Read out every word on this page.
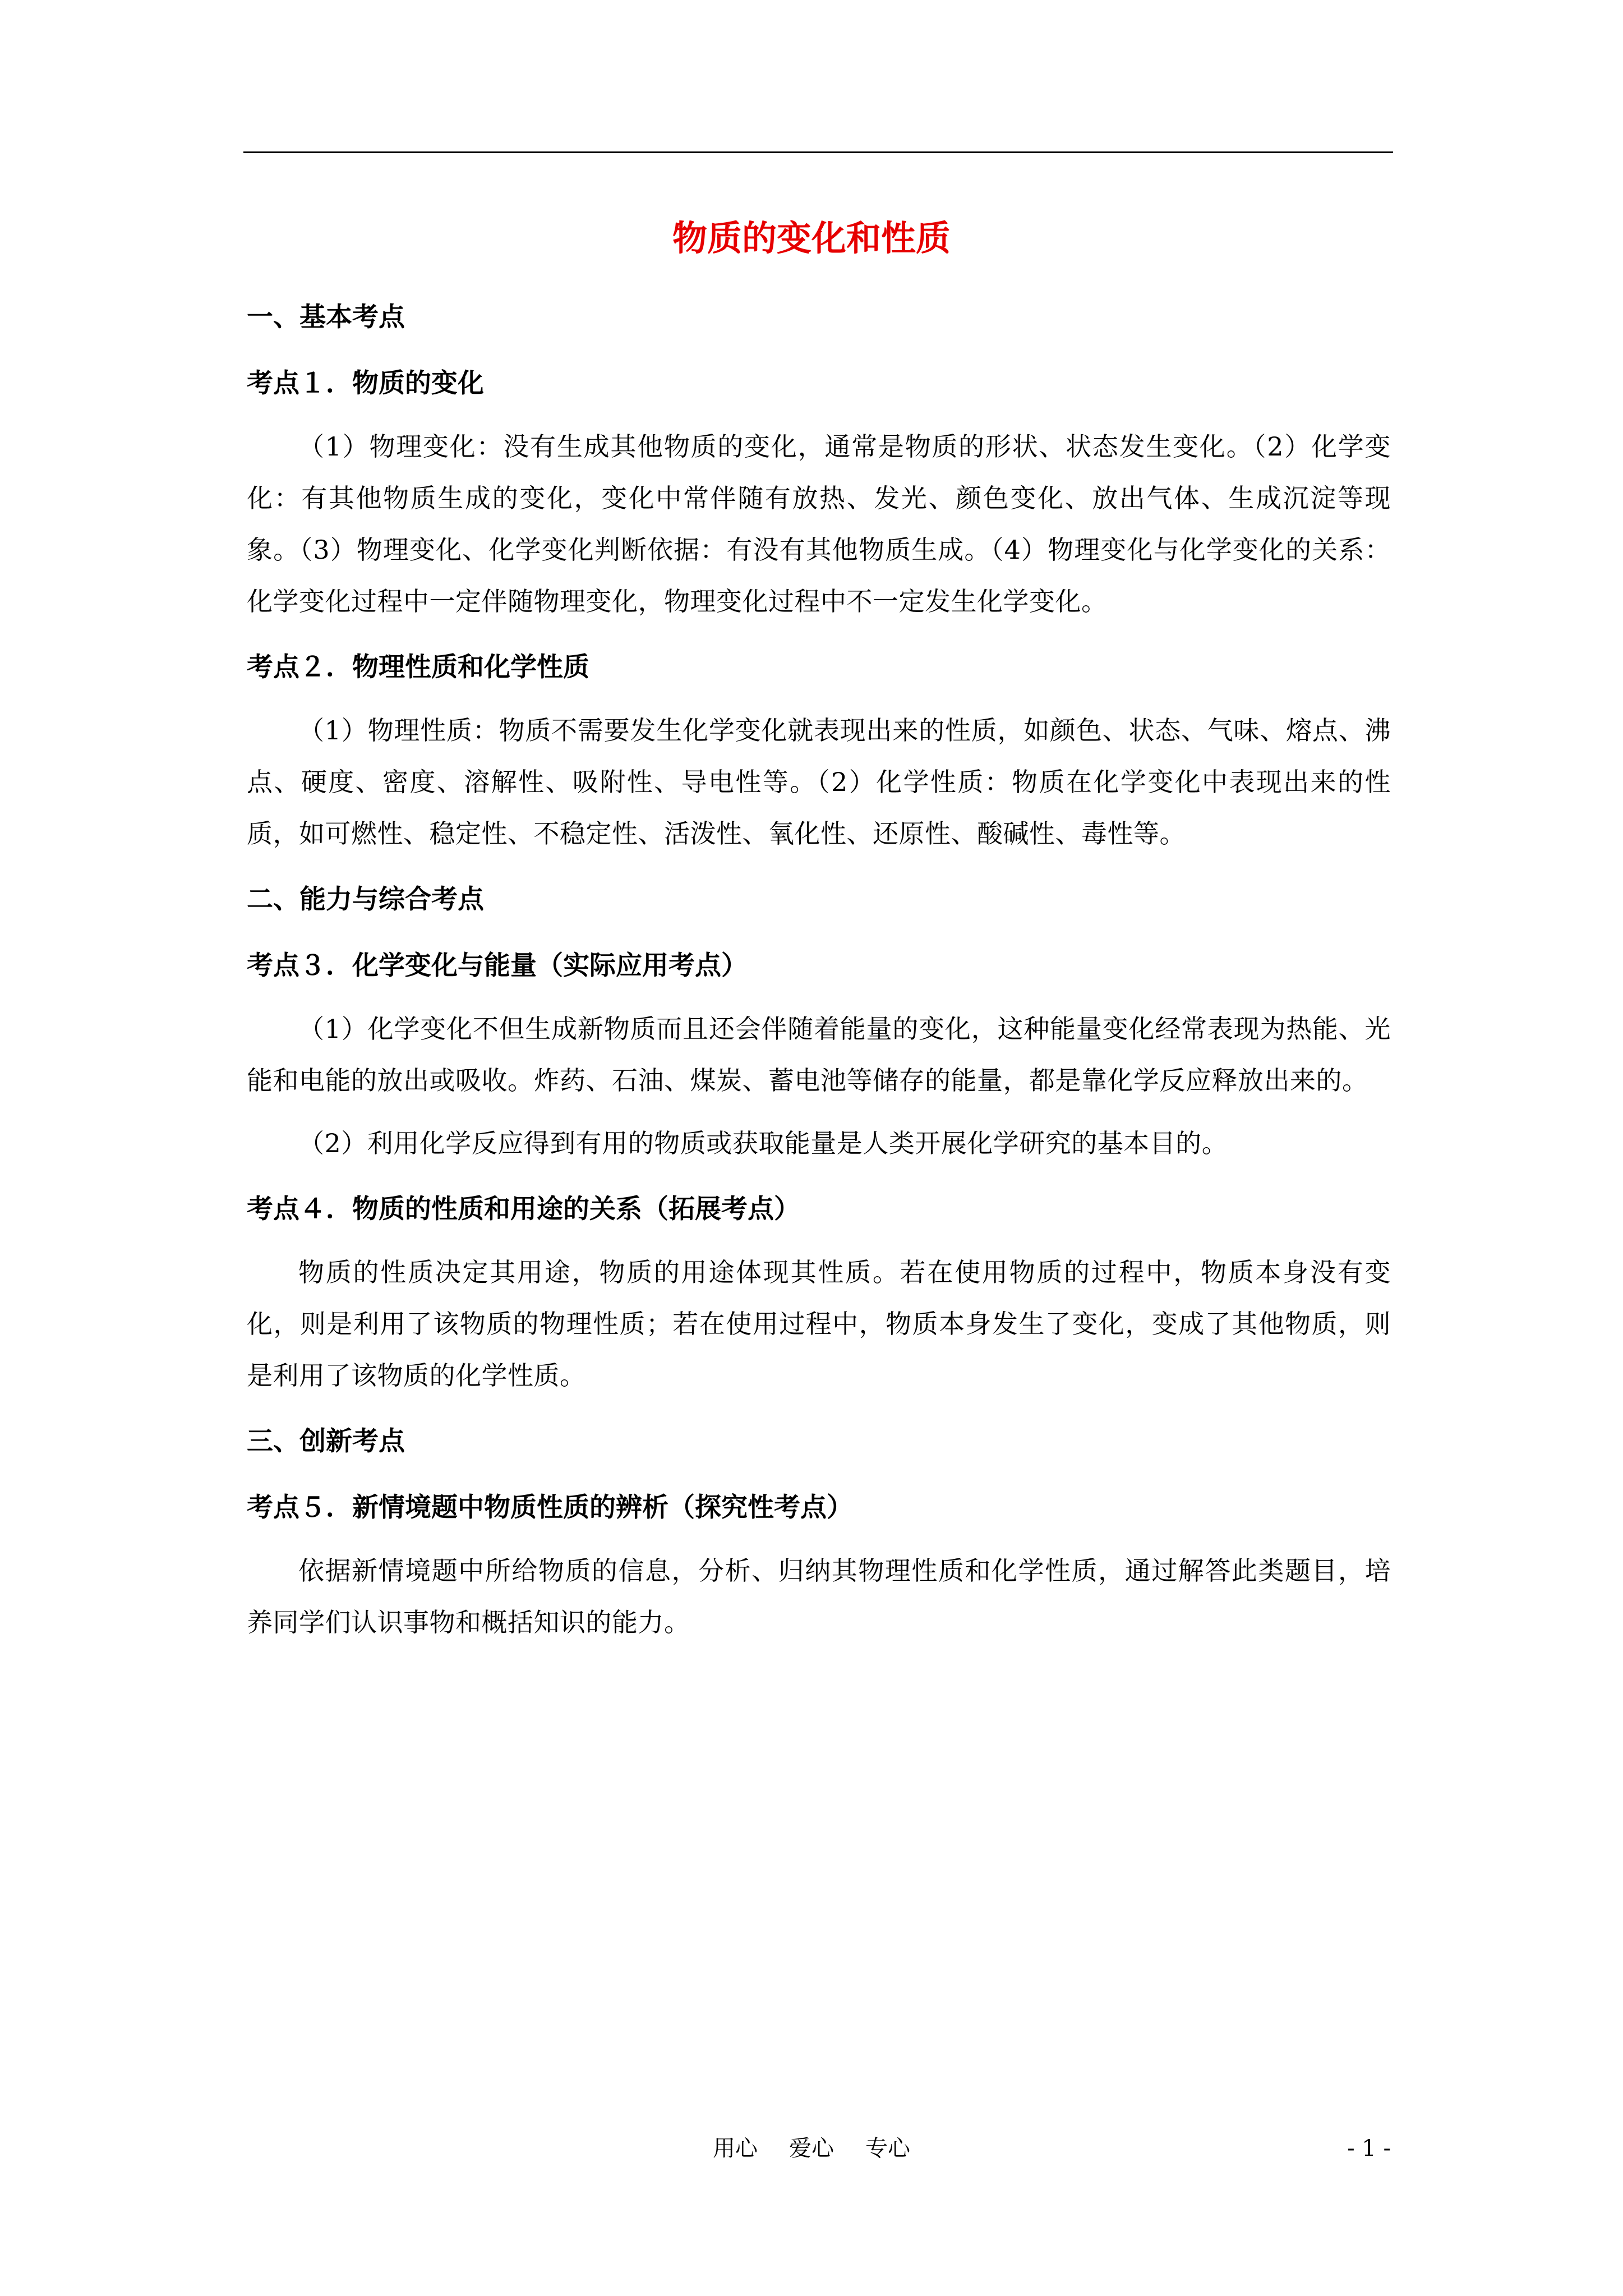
物质的变化和性质
一、基本考点
考点１．物质的变化
（1）物理变化：没有生成其他物质的变化，通常是物质的形状、状态发生变化。（2）化学变化：有其他物质生成的变化，变化中常伴随有放热、发光、颜色变化、放出气体、生成沉淀等现象。（3）物理变化、化学变化判断依据：有没有其他物质生成。（4）物理变化与化学变化的关系：化学变化过程中一定伴随物理变化，物理变化过程中不一定发生化学变化。
考点２．物理性质和化学性质
（1）物理性质：物质不需要发生化学变化就表现出来的性质，如颜色、状态、气味、熔点、沸点、硬度、密度、溶解性、吸附性、导电性等。（2）化学性质：物质在化学变化中表现出来的性质，如可燃性、稳定性、不稳定性、活泼性、氧化性、还原性、酸碱性、毒性等。
二、能力与综合考点
考点３．化学变化与能量（实际应用考点）
（1）化学变化不但生成新物质而且还会伴随着能量的变化，这种能量变化经常表现为热能、光能和电能的放出或吸收。炸药、石油、煤炭、蓄电池等储存的能量，都是靠化学反应释放出来的。
（2）利用化学反应得到有用的物质或获取能量是人类开展化学研究的基本目的。
考点４．物质的性质和用途的关系（拓展考点）
物质的性质决定其用途，物质的用途体现其性质。若在使用物质的过程中，物质本身没有变化，则是利用了该物质的物理性质；若在使用过程中，物质本身发生了变化，变成了其他物质，则是利用了该物质的化学性质。
三、创新考点
考点５．新情境题中物质性质的辨析（探究性考点）
依据新情境题中所给物质的信息，分析、归纳其物理性质和化学性质，通过解答此类题目，培养同学们认识事物和概括知识的能力。
用心 爱心 专心	- 1 -
